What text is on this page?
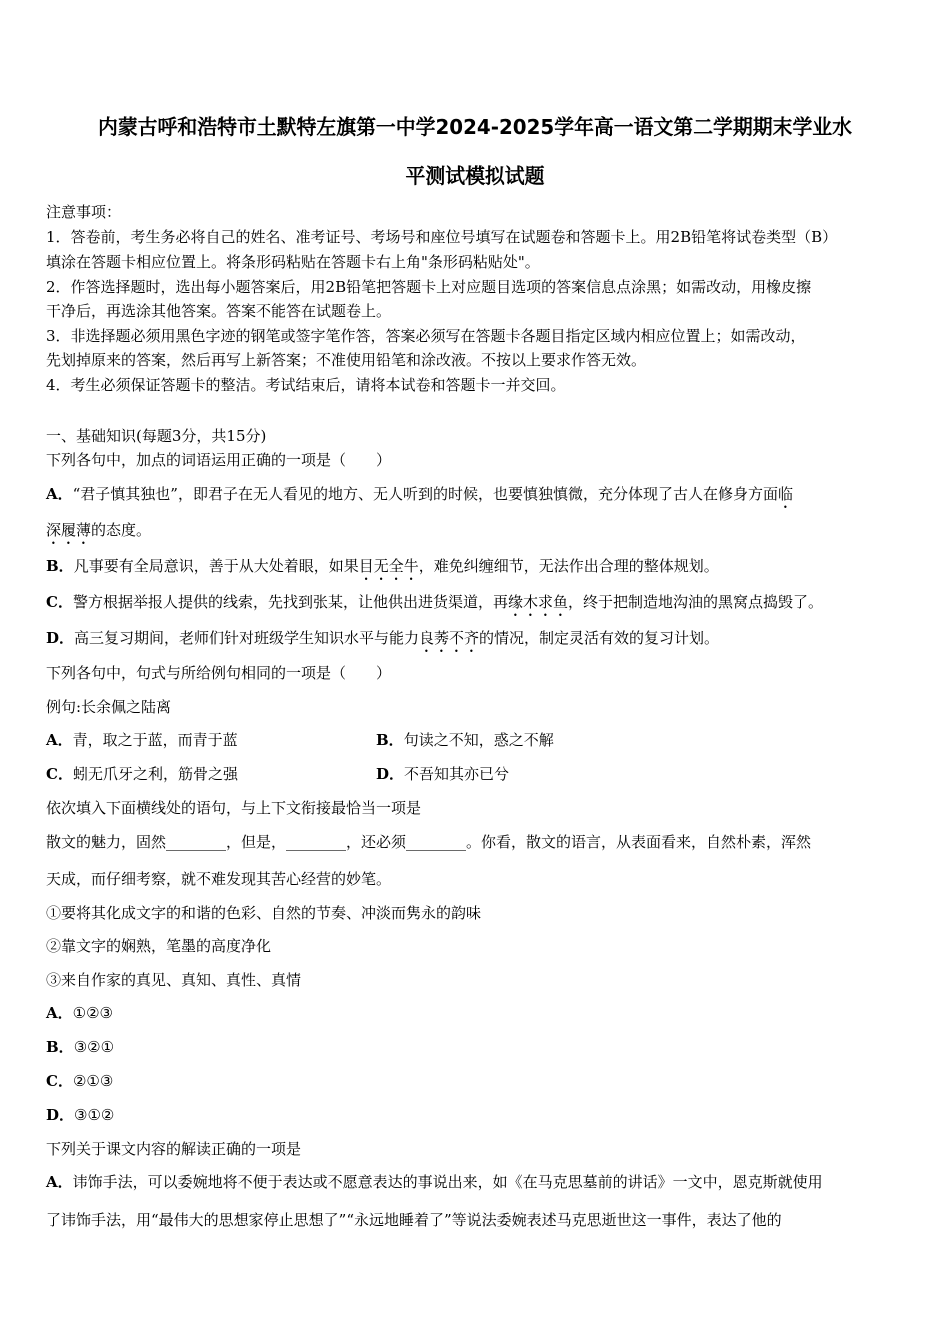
内蒙古呼和浩特市土默特左旗第一中学2024-2025学年高一语文第二学期期末学业水
平测试模拟试题
注意事项：
1．答卷前，考生务必将自己的姓名、准考证号、考场号和座位号填写在试题卷和答题卡上。用2B铅笔将试卷类型（B）
填涂在答题卡相应位置上。将条形码粘贴在答题卡右上角"条形码粘贴处"。
2．作答选择题时，选出每小题答案后，用2B铅笔把答题卡上对应题目选项的答案信息点涂黑；如需改动，用橡皮擦
干净后，再选涂其他答案。答案不能答在试题卷上。
3．非选择题必须用黑色字迹的钢笔或签字笔作答，答案必须写在答题卡各题目指定区域内相应位置上；如需改动，
先划掉原来的答案，然后再写上新答案；不准使用铅笔和涂改液。不按以上要求作答无效。
4．考生必须保证答题卡的整洁。考试结束后，请将本试卷和答题卡一并交回。
一、基础知识(每题3分，共15分)
下列各句中，加点的词语运用正确的一项是（　　）
A．“君子慎其独也”，即君子在无人看见的地方、无人听到的时候，也要慎独慎微，充分体现了古人在修身方面临
深履薄的态度。
B．凡事要有全局意识，善于从大处着眼，如果目无全牛，难免纠缠细节，无法作出合理的整体规划。
C．警方根据举报人提供的线索，先找到张某，让他供出进货渠道，再缘木求鱼，终于把制造地沟油的黑窝点捣毁了。
D．高三复习期间，老师们针对班级学生知识水平与能力良莠不齐的情况，制定灵活有效的复习计划。
下列各句中，句式与所给例句相同的一项是（　　）
例句:长余佩之陆离
A．青，取之于蓝，而青于蓝	B．句读之不知，惑之不解
C．蚓无爪牙之利，筋骨之强	D．不吾知其亦已兮
依次填入下面横线处的语句，与上下文衔接最恰当一项是
散文的魅力，固然________，但是，________，还必须________。你看，散文的语言，从表面看来，自然朴素，浑然
天成，而仔细考察，就不难发现其苦心经营的妙笔。
①要将其化成文字的和谐的色彩、自然的节奏、冲淡而隽永的韵味
②靠文字的娴熟，笔墨的高度净化
③来自作家的真见、真知、真性、真情
A．①②③
B．③②①
C．②①③
D．③①②
下列关于课文内容的解读正确的一项是
A．讳饰手法，可以委婉地将不便于表达或不愿意表达的事说出来，如《在马克思墓前的讲话》一文中，恩克斯就使用
了讳饰手法，用“最伟大的思想家停止思想了”“永远地睡着了”等说法委婉表述马克思逝世这一事件，表达了他的
